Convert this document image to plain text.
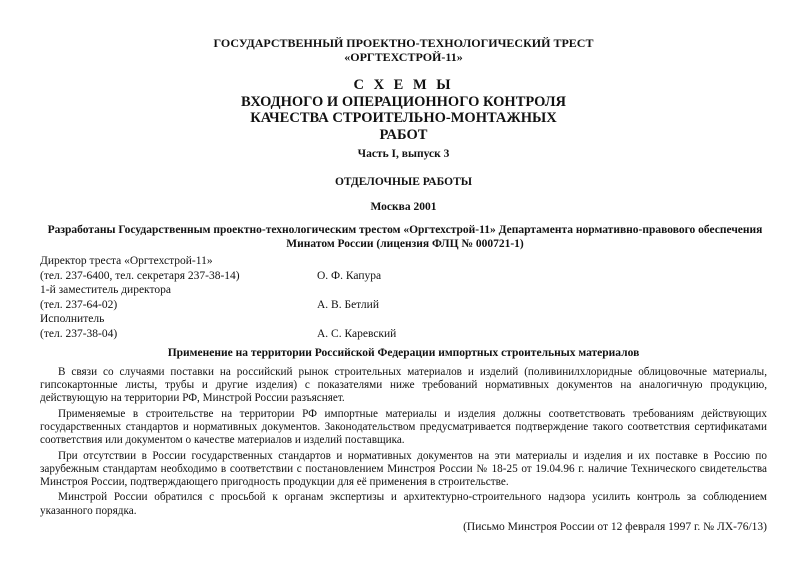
ГОСУДАРСТВЕННЫЙ ПРОЕКТНО-ТЕХНОЛОГИЧЕСКИЙ ТРЕСТ
«ОРГТЕХСТРОЙ-11»
С Х Е М Ы
ВХОДНОГО И ОПЕРАЦИОННОГО КОНТРОЛЯ
КАЧЕСТВА СТРОИТЕЛЬНО-МОНТАЖНЫХ
РАБОТ
Часть I, выпуск 3
ОТДЕЛОЧНЫЕ РАБОТЫ
Москва 2001
Разработаны Государственным проектно-технологическим трестом «Оргтехстрой-11» Департамента нормативно-правового обеспечения
Минатом России (лицензия ФЛЦ № 000721-1)
Директор треста «Оргтехстрой-11»
(тел. 237-6400, тел. секретаря 237-38-14)	О. Ф. Капура
1-й заместитель директора
(тел. 237-64-02)	А. В. Бетлий
Исполнитель
(тел. 237-38-04)	А. С. Каревский
Применение на территории Российской Федерации импортных строительных материалов

В связи со случаями поставки на российский рынок строительных материалов и изделий (поливинилхлоридные облицовочные материалы, гипсокартонные листы, трубы и другие изделия) с показателями ниже требований нормативных документов на аналогичную продукцию, действующую на территории РФ, Минстрой России разъясняет.

Применяемые в строительстве на территории РФ импортные материалы и изделия должны соответствовать требованиям действующих государственных стандартов и нормативных документов. Законодательством предусматривается подтверждение такого соответствия сертификатами соответствия или документом о качестве материалов и изделий поставщика.

При отсутствии в России государственных стандартов и нормативных документов на эти материалы и изделия и их поставке в Россию по зарубежным стандартам необходимо в соответствии с постановлением Минстроя России № 18-25 от 19.04.96 г. наличие Технического свидетельства Минстроя России, подтверждающего пригодность продукции для её применения в строительстве.

Минстрой России обратился с просьбой к органам экспертизы и архитектурно-строительного надзора усилить контроль за соблюдением указанного порядка.

(Письмо Минстроя России от 12 февраля 1997 г. № ЛХ-76/13)
